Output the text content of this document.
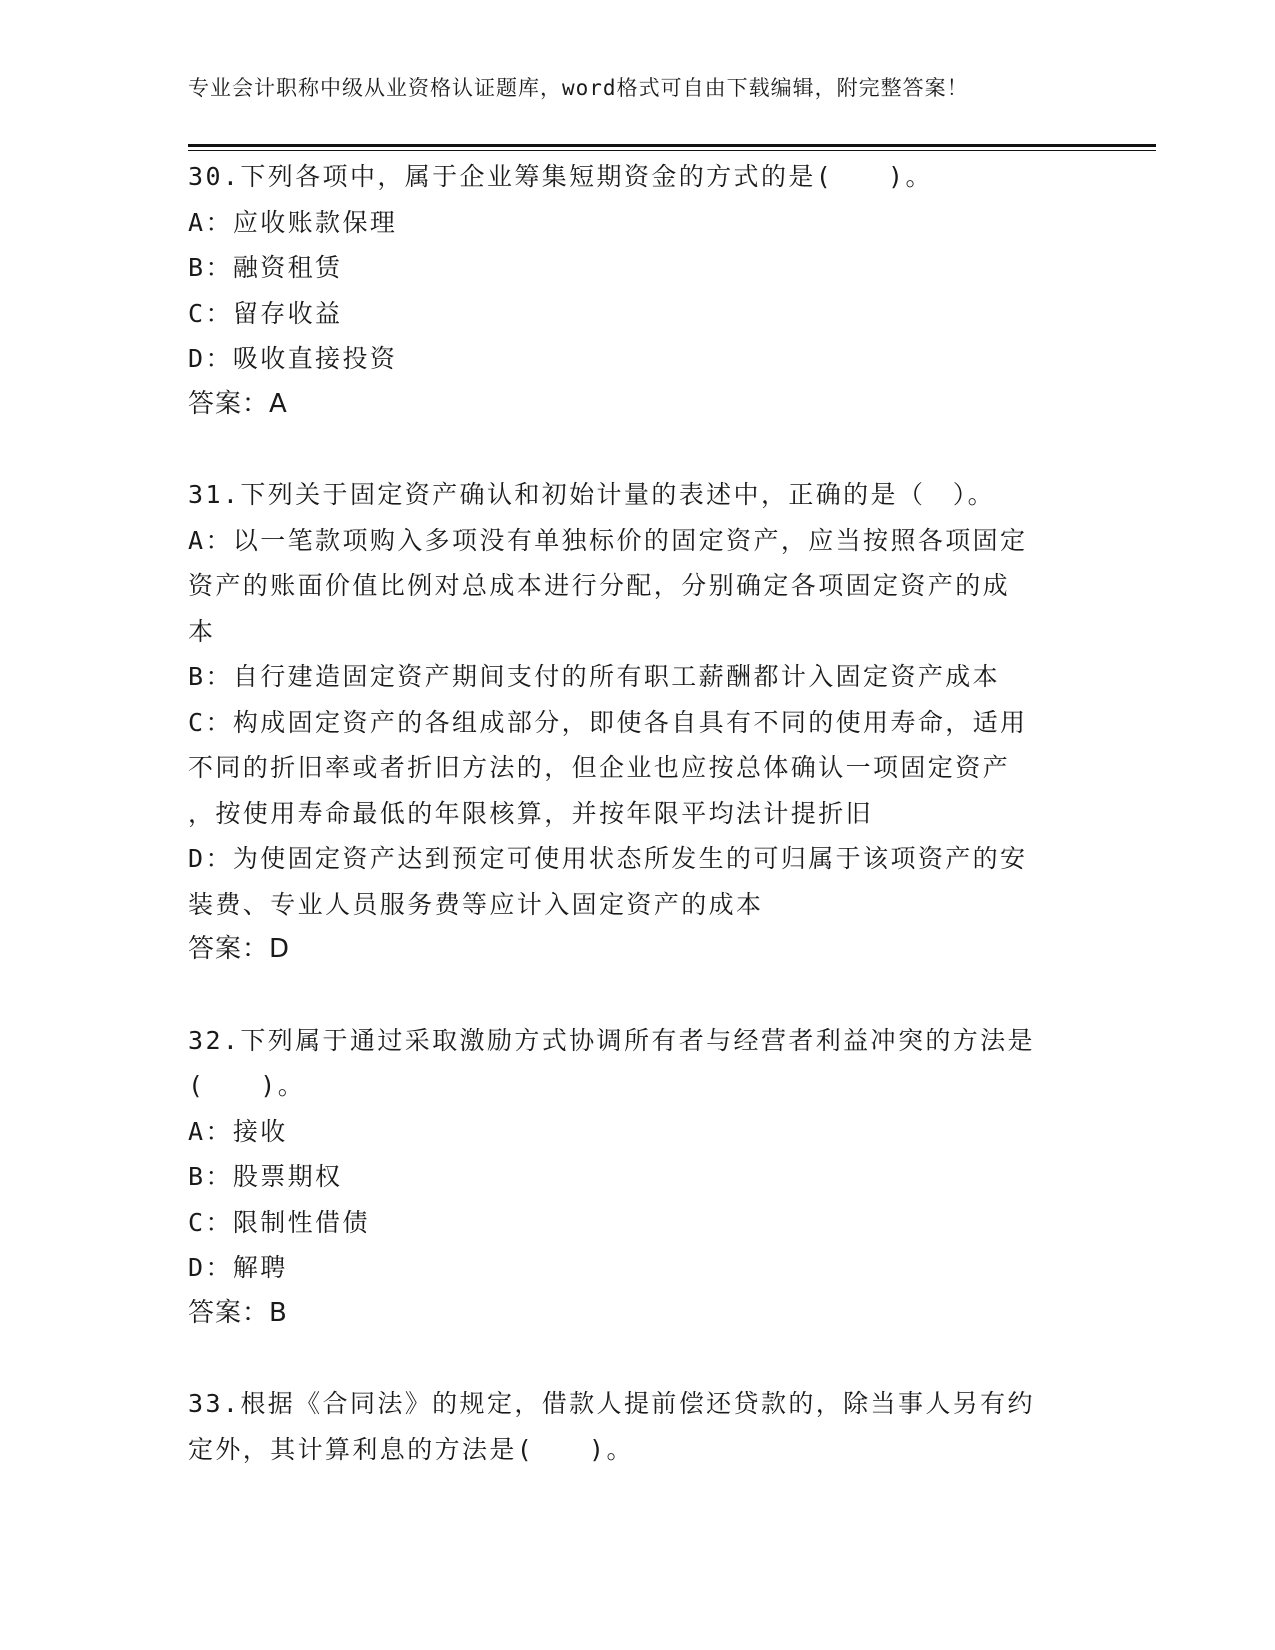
专业会计职称中级从业资格认证题库，word格式可自由下载编辑，附完整答案！
30.下列各项中，属于企业筹集短期资金的方式的是(　　)。
A：应收账款保理
B：融资租赁
C：留存收益
D：吸收直接投资
答案：A
31.下列关于固定资产确认和初始计量的表述中，正确的是（　）。
A：以一笔款项购入多项没有单独标价的固定资产，应当按照各项固定
资产的账面价值比例对总成本进行分配，分别确定各项固定资产的成
本
B：自行建造固定资产期间支付的所有职工薪酬都计入固定资产成本
C：构成固定资产的各组成部分，即使各自具有不同的使用寿命，适用
不同的折旧率或者折旧方法的，但企业也应按总体确认一项固定资产
，按使用寿命最低的年限核算，并按年限平均法计提折旧
D：为使固定资产达到预定可使用状态所发生的可归属于该项资产的安
装费、专业人员服务费等应计入固定资产的成本
答案：D
32.下列属于通过采取激励方式协调所有者与经营者利益冲突的方法是
(　　)。
A：接收
B：股票期权
C：限制性借债
D：解聘
答案：B
33.根据《合同法》的规定，借款人提前偿还贷款的，除当事人另有约
定外，其计算利息的方法是(　　)。
